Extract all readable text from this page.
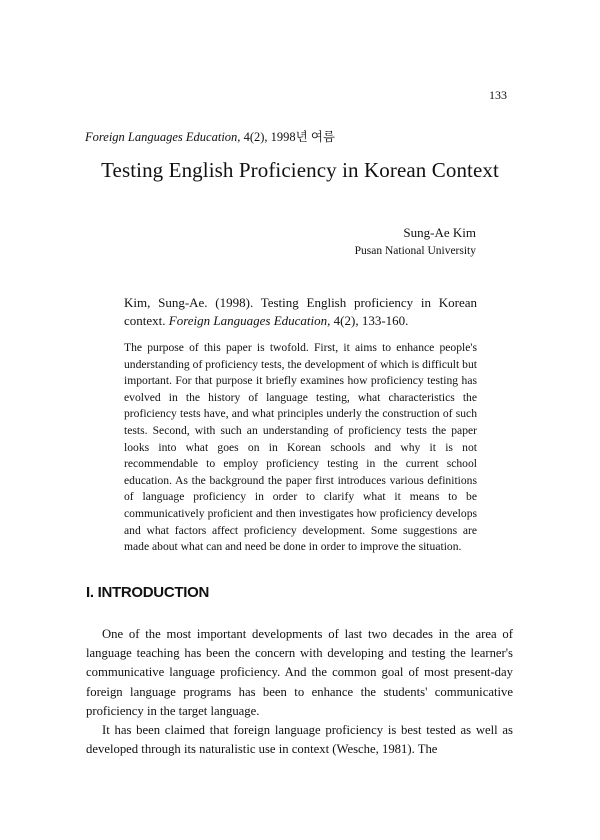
133
Foreign Languages Education, 4(2), 1998년 여름
Testing English Proficiency in Korean Context
Sung-Ae Kim
Pusan National University
Kim, Sung-Ae. (1998). Testing English proficiency in Korean context. Foreign Languages Education, 4(2), 133-160.
The purpose of this paper is twofold. First, it aims to enhance people's understanding of proficiency tests, the development of which is difficult but important. For that purpose it briefly examines how proficiency testing has evolved in the history of language testing, what characteristics the proficiency tests have, and what principles underly the construction of such tests. Second, with such an understanding of proficiency tests the paper looks into what goes on in Korean schools and why it is not recommendable to employ proficiency testing in the current school education. As the background the paper first introduces various definitions of language proficiency in order to clarify what it means to be communicatively proficient and then investigates how proficiency develops and what factors affect proficiency development. Some suggestions are made about what can and need be done in order to improve the situation.
I. INTRODUCTION

One of the most important developments of last two decades in the area of language teaching has been the concern with developing and testing the learner's communicative language proficiency. And the common goal of most present-day foreign language programs has been to enhance the students' communicative proficiency in the target language.

It has been claimed that foreign language proficiency is best tested as well as developed through its naturalistic use in context (Wesche, 1981). The
